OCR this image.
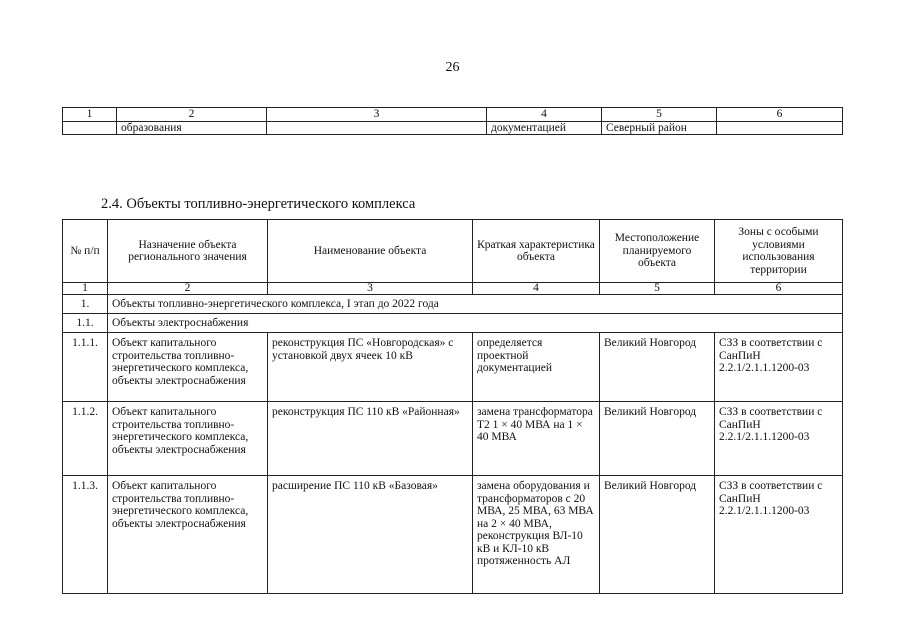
26
1	2	3	4	5	6
	образования		документацией	Северный район	
2.4. Объекты топливно-энергетического комплекса
№ п/п	Назначение объекта регионального значения	Наименование объекта	Краткая характеристика объекта	Местоположение планируемого объекта	Зоны с особыми условиями использования территории
1	2	3	4	5	6
1.	Объекты топливно-энергетического комплекса, I этап до 2022 года				
1.1.	Объекты электроснабжения				
1.1.1.	Объект капитального строительства топливно-энергетического комплекса, объекты электроснабжения	реконструкция ПС «Новгородская» с установкой двух ячеек 10 кВ	определяется проектной документацией	Великий Новгород	СЗЗ в соответствии с СанПиН 2.2.1/2.1.1.1200-03
1.1.2.	Объект капитального строительства топливно-энергетического комплекса, объекты электроснабжения	реконструкция ПС 110 кВ «Районная»	замена трансформатора Т2 1 × 40 МВА на 1 × 40 МВА	Великий Новгород	СЗЗ в соответствии с СанПиН 2.2.1/2.1.1.1200-03
1.1.3.	Объект капитального строительства топливно-энергетического комплекса, объекты электроснабжения	расширение ПС 110 кВ «Базовая»	замена оборудования и трансформаторов с 20 МВА, 25 МВА, 63 МВА на 2 × 40 МВА, реконструкция ВЛ-10 кВ и КЛ-10 кВ протяженность АЛ	Великий Новгород	СЗЗ в соответствии с СанПиН 2.2.1/2.1.1.1200-03
